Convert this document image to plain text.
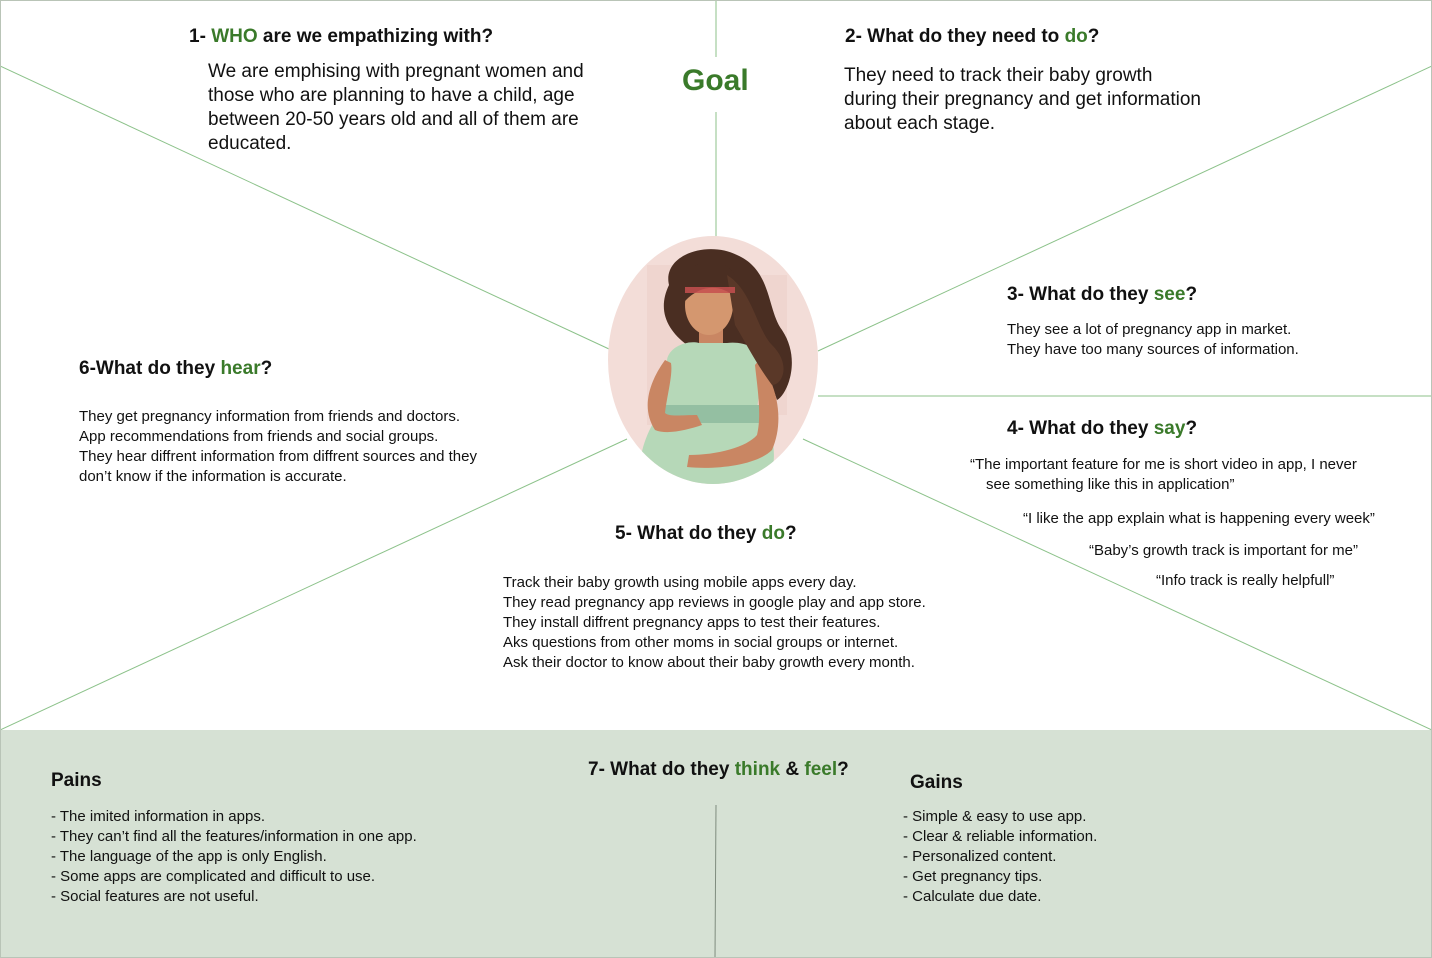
Goal
1- WHO are we empathizing with?
We are emphising with pregnant women and
those who are planning to have a child, age
between 20-50 years old and all of them are
educated.
2- What do they need to do?
They need to track their baby growth
during their pregnancy and get information
about each stage.
3- What do they see?
They see a lot of pregnancy app in market.
They have too many sources of information.
4- What do they say?
“The important feature for me is short video in app, I never
see something like this in application”
“I like the app explain what is happening every week”
“Baby’s growth track is important for me”
“Info track is really helpfull”
5- What do they do?
Track their baby growth using mobile apps every day.
They read pregnancy app reviews in google play and app store.
They install diffrent pregnancy apps to test their features.
Aks questions from other moms in social groups or internet.
Ask their doctor to know about their baby growth every month.
6-What do they hear?
They get pregnancy information from friends and doctors.
App recommendations from friends and social groups.
They hear diffrent information from diffrent sources and they
don’t know if the information is accurate.
7- What do they think & feel?
Pains
- The imited information in apps.
- They can’t find all the features/information in one app.
- The language of the app is only English.
- Some apps are complicated and difficult to use.
- Social features are not useful.
Gains
- Simple & easy to use app.
- Clear & reliable information.
- Personalized content.
- Get pregnancy tips.
- Calculate due date.
